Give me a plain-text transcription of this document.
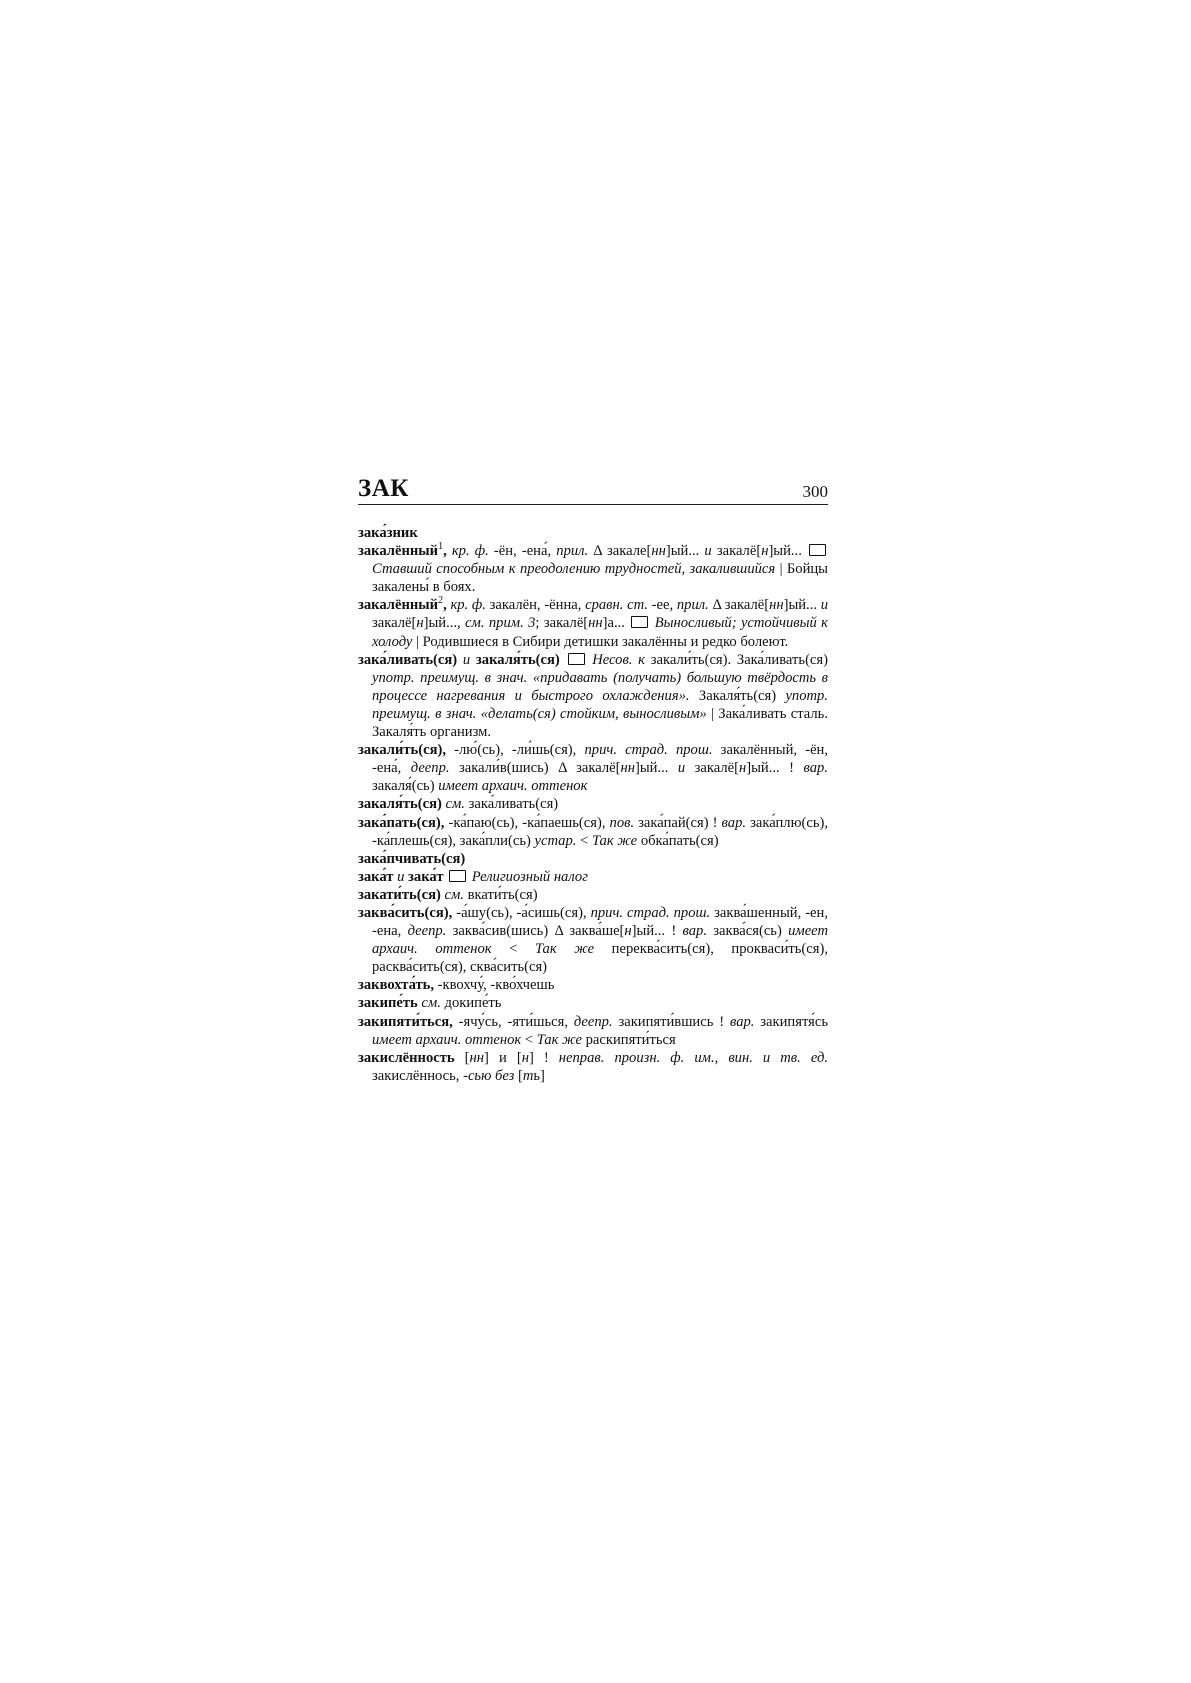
ЗАК	300
зака́зник
закалённый$^1$, кр. ф. -ён, -ена́, прил. Δ закале[нн]ый... и закалё[н]ый...  Ставший способным к преодолению трудностей, закалившийся | Бойцы закалены́ в боях.
закалённый$^2$, кр. ф. закалён, -ённа, сравн. ст. -ее, прил. Δ закалё[нн]ый... и закалё[н]ый..., см. прим. 3; закалё[нн]а...  Выносливый; устойчивый к холоду | Родившиеся в Сибири детишки закалённы и редко болеют.
зака́ливать(ся) и закаля́ть(ся) Несов. к закали́ть(ся). Зака́ливать(ся) употр. преимущ. в знач. «придавать (получать) большую твёрдость в процессе нагревания и быстрого охлаждения». Закаля́ть(ся) употр. преимущ. в знач. «делать(ся) стойким, выносливым» | Зака́ливать сталь. Закаля́ть организм.
закали́ть(ся), -лю́(сь), -ли́шь(ся), прич. страд. прош. закалённый, -ён, -ена́, деепр. закали́в(шись) Δ закалё[нн]ый... и закалё[н]ый... ! вар. закаля́(сь) имеет архаич. оттенок
закаля́ть(ся) см. зака́ливать(ся)
зака́пать(ся), -ка́паю(сь), -ка́паешь(ся), пов. зака́пай(ся) ! вар. зака́плю(сь), -ка́плешь(ся), зака́пли(сь) устар. < Так же обка́пать(ся)
зака́пчивать(ся)
зака́т и зака́т Религиозный налог
закати́ть(ся) см. вкати́ть(ся)
заква́сить(ся), -а́шу(сь), -а́сишь(ся), прич. страд. прош. заква́шенный, -ен, -ена, деепр. заква́сив(шись) Δ заква́ше[н]ый... ! вар. заква́ся(сь) имеет архаич. оттенок < Так же переква́сить(ся), прокваси́ть(ся), расква́сить(ся), сква́сить(ся)
заквохта́ть, -квохчу́, -кво́хчешь
закипе́ть см. докипе́ть
закипяти́ться, -ячу́сь, -яти́шься, деепр. закипяти́вшись ! вар. закипятя́сь имеет архаич. оттенок < Так же раскипяти́ться
закислённость [нн] и [н] ! неправ. произн. ф. им., вин. и тв. ед. закислённось, -сью без [ть]
